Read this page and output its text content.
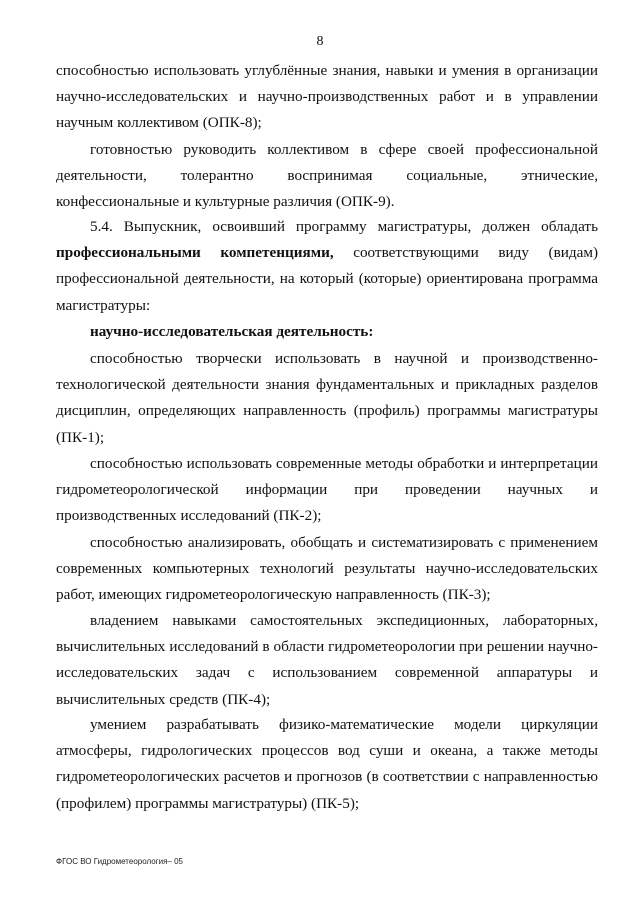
8

способностью использовать углублённые знания, навыки и умения в организации научно-исследовательских и научно-производственных работ и в управлении научным коллективом (ОПК-8);

готовностью руководить коллективом в сфере своей профессиональной деятельности, толерантно воспринимая социальные, этнические, конфессиональные и культурные различия (ОПК-9).

5.4. Выпускник, освоивший программу магистратуры, должен обладать профессиональными компетенциями, соответствующими виду (видам) профессиональной деятельности, на который (которые) ориентирована программа магистратуры:

научно-исследовательская деятельность:

способностью творчески использовать в научной и производственно-технологической деятельности знания фундаментальных и прикладных разделов дисциплин, определяющих направленность (профиль) программы магистратуры (ПК-1);

способностью использовать современные методы обработки и интерпретации гидрометеорологической информации при проведении научных и производственных исследований (ПК-2);

способностью анализировать, обобщать и систематизировать с применением современных компьютерных технологий результаты научно-исследовательских работ, имеющих гидрометеорологическую направленность (ПК-3);

владением навыками самостоятельных экспедиционных, лабораторных, вычислительных исследований в области гидрометеорологии при решении научно-исследовательских задач с использованием современной аппаратуры и вычислительных средств (ПК-4);

умением разрабатывать физико-математические модели циркуляции атмосферы, гидрологических процессов вод суши и океана, а также методы гидрометеорологических расчетов и прогнозов (в соответствии с направленностью (профилем) программы магистратуры) (ПК-5);

ФГОС ВО Гидрометеорология– 05
